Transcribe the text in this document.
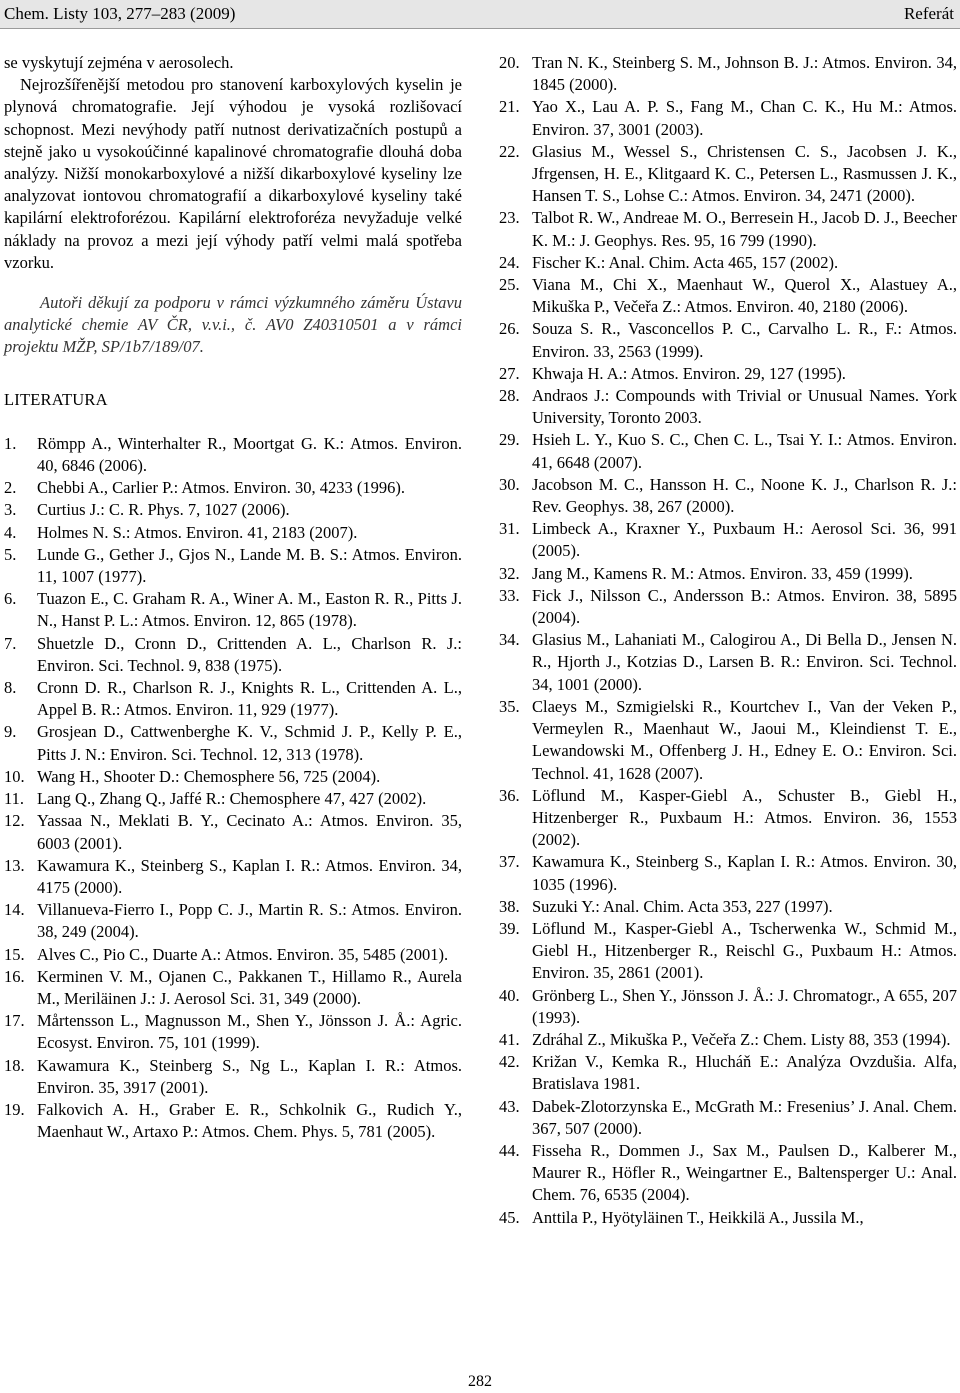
Chem. Listy 103, 277–283 (2009)	Referát

se vyskytují zejména v aerosolech.

Nejrozšířenější metodou pro stanovení karboxylových kyselin je plynová chromatografie. Její výhodou je vysoká rozlišovací schopnost. Mezi nevýhody patří nutnost derivatizačních postupů a stejně jako u vysokoúčinné kapalinové chromatografie dlouhá doba analýzy. Nižší monokarboxylové a nižší dikarboxylové kyseliny lze analyzovat iontovou chromatografií a dikarboxylové kyseliny také kapilární elektroforézou. Kapilární elektroforéza nevyžaduje velké náklady na provoz a mezi její výhody patří velmi malá spotřeba vzorku.

Autoři děkují za podporu v rámci výzkumného záměru Ústavu analytické chemie AV ČR, v.v.i., č. AV0 Z40310501 a v rámci projektu MŽP, SP/1b7/189/07.

LITERATURA
1. Römpp A., Winterhalter R., Moortgat G. K.: Atmos. Environ. 40, 6846 (2006).
2. Chebbi A., Carlier P.: Atmos. Environ. 30, 4233 (1996).
3. Curtius J.: C. R. Phys. 7, 1027 (2006).
4. Holmes N. S.: Atmos. Environ. 41, 2183 (2007).
5. Lunde G., Gether J., Gjos N., Lande M. B. S.: Atmos. Environ. 11, 1007 (1977).
6. Tuazon E., C. Graham R. A., Winer A. M., Easton R. R., Pitts J. N., Hanst P. L.: Atmos. Environ. 12, 865 (1978).
7. Shuetzle D., Cronn D., Crittenden A. L., Charlson R. J.: Environ. Sci. Technol. 9, 838 (1975).
8. Cronn D. R., Charlson R. J., Knights R. L., Crittenden A. L., Appel B. R.: Atmos. Environ. 11, 929 (1977).
9. Grosjean D., Cattwenberghe K. V., Schmid J. P., Kelly P. E., Pitts J. N.: Environ. Sci. Technol. 12, 313 (1978).
10. Wang H., Shooter D.: Chemosphere 56, 725 (2004).
11. Lang Q., Zhang Q., Jaffé R.: Chemosphere 47, 427 (2002).
12. Yassaa N., Meklati B. Y., Cecinato A.: Atmos. Environ. 35, 6003 (2001).
13. Kawamura K., Steinberg S., Kaplan I. R.: Atmos. Environ. 34, 4175 (2000).
14. Villanueva-Fierro I., Popp C. J., Martin R. S.: Atmos. Environ. 38, 249 (2004).
15. Alves C., Pio C., Duarte A.: Atmos. Environ. 35, 5485 (2001).
16. Kerminen V. M., Ojanen C., Pakkanen T., Hillamo R., Aurela M., Meriläinen J.: J. Aerosol Sci. 31, 349 (2000).
17. Mårtensson L., Magnusson M., Shen Y., Jönsson J. Å.: Agric. Ecosyst. Environ. 75, 101 (1999).
18. Kawamura K., Steinberg S., Ng L., Kaplan I. R.: Atmos. Environ. 35, 3917 (2001).
19. Falkovich A. H., Graber E. R., Schkolnik G., Rudich Y., Maenhaut W., Artaxo P.: Atmos. Chem. Phys. 5, 781 (2005).
20. Tran N. K., Steinberg S. M., Johnson B. J.: Atmos. Environ. 34, 1845 (2000).
21. Yao X., Lau A. P. S., Fang M., Chan C. K., Hu M.: Atmos. Environ. 37, 3001 (2003).
22. Glasius M., Wessel S., Christensen C. S., Jacobsen J. K., Jfrgensen, H. E., Klitgaard K. C., Petersen L., Rasmussen J. K., Hansen T. S., Lohse C.: Atmos. Environ. 34, 2471 (2000).
23. Talbot R. W., Andreae M. O., Berresein H., Jacob D. J., Beecher K. M.: J. Geophys. Res. 95, 16 799 (1990).
24. Fischer K.: Anal. Chim. Acta 465, 157 (2002).
25. Viana M., Chi X., Maenhaut W., Querol X., Alastuey A., Mikuška P., Večeřa Z.: Atmos. Environ. 40, 2180 (2006).
26. Souza S. R., Vasconcellos P. C., Carvalho L. R., F.: Atmos. Environ. 33, 2563 (1999).
27. Khwaja H. A.: Atmos. Environ. 29, 127 (1995).
28. Andraos J.: Compounds with Trivial or Unusual Names. York University, Toronto 2003.
29. Hsieh L. Y., Kuo S. C., Chen C. L., Tsai Y. I.: Atmos. Environ. 41, 6648 (2007).
30. Jacobson M. C., Hansson H. C., Noone K. J., Charlson R. J.: Rev. Geophys. 38, 267 (2000).
31. Limbeck A., Kraxner Y., Puxbaum H.: Aerosol Sci. 36, 991 (2005).
32. Jang M., Kamens R. M.: Atmos. Environ. 33, 459 (1999).
33. Fick J., Nilsson C., Andersson B.: Atmos. Environ. 38, 5895 (2004).
34. Glasius M., Lahaniati M., Calogirou A., Di Bella D., Jensen N. R., Hjorth J., Kotzias D., Larsen B. R.: Environ. Sci. Technol. 34, 1001 (2000).
35. Claeys M., Szmigielski R., Kourtchev I., Van der Veken P., Vermeylen R., Maenhaut W., Jaoui M., Kleindienst T. E., Lewandowski M., Offenberg J. H., Edney E. O.: Environ. Sci. Technol. 41, 1628 (2007).
36. Löflund M., Kasper-Giebl A., Schuster B., Giebl H., Hitzenberger R., Puxbaum H.: Atmos. Environ. 36, 1553 (2002).
37. Kawamura K., Steinberg S., Kaplan I. R.: Atmos. Environ. 30, 1035 (1996).
38. Suzuki Y.: Anal. Chim. Acta 353, 227 (1997).
39. Löflund M., Kasper-Giebl A., Tscherwenka W., Schmid M., Giebl H., Hitzenberger R., Reischl G., Puxbaum H.: Atmos. Environ. 35, 2861 (2001).
40. Grönberg L., Shen Y., Jönsson J. Å.: J. Chromatogr., A 655, 207 (1993).
41. Zdráhal Z., Mikuška P., Večeřa Z.: Chem. Listy 88, 353 (1994).
42. Križan V., Kemka R., Hlucháň E.: Analýza Ovzdušia. Alfa, Bratislava 1981.
43. Dabek-Zlotorzynska E., McGrath M.: Fresenius’ J. Anal. Chem. 367, 507 (2000).
44. Fisseha R., Dommen J., Sax M., Paulsen D., Kalberer M., Maurer R., Höfler R., Weingartner E., Baltensperger U.: Anal. Chem. 76, 6535 (2004).
45. Anttila P., Hyötyläinen T., Heikkilä A., Jussila M.,
282
